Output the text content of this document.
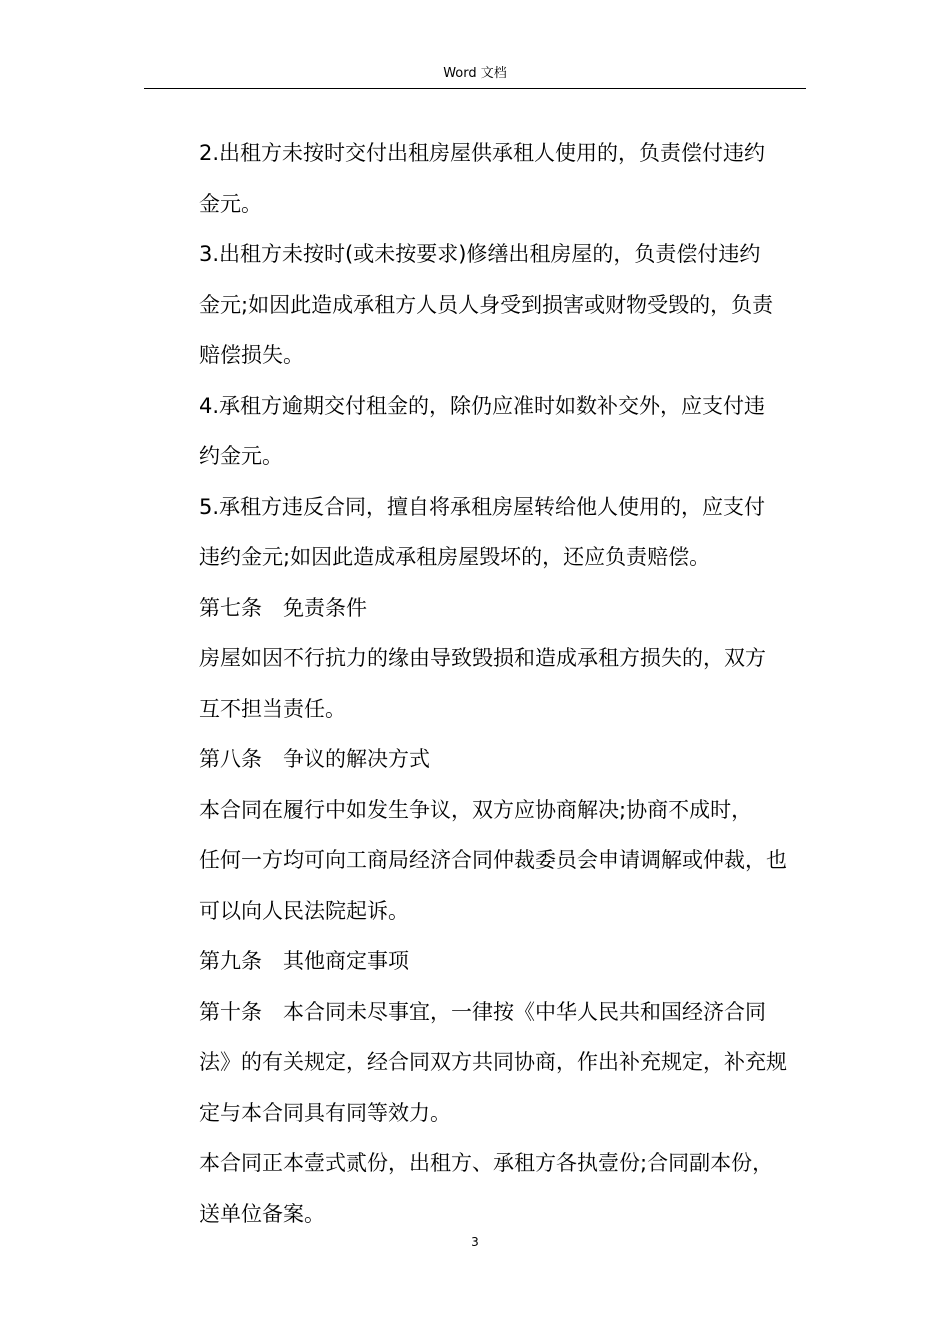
Word 文档

2.出租方未按时交付出租房屋供承租人使用的，负责偿付违约
金元。

3.出租方未按时(或未按要求)修缮出租房屋的，负责偿付违约
金元;如因此造成承租方人员人身受到损害或财物受毁的，负责
赔偿损失。

4.承租方逾期交付租金的，除仍应准时如数补交外，应支付违
约金元。

5.承租方违反合同，擅自将承租房屋转给他人使用的，应支付
违约金元;如因此造成承租房屋毁坏的，还应负责赔偿。

第七条　免责条件

房屋如因不行抗力的缘由导致毁损和造成承租方损失的，双方
互不担当责任。

第八条　争议的解决方式

本合同在履行中如发生争议，双方应协商解决;协商不成时，
任何一方均可向工商局经济合同仲裁委员会申请调解或仲裁，也
可以向人民法院起诉。

第九条　其他商定事项

第十条　本合同未尽事宜，一律按《中华人民共和国经济合同
法》的有关规定，经合同双方共同协商，作出补充规定，补充规
定与本合同具有同等效力。

本合同正本壹式贰份，出租方、承租方各执壹份;合同副本份，
送单位备案。

3
